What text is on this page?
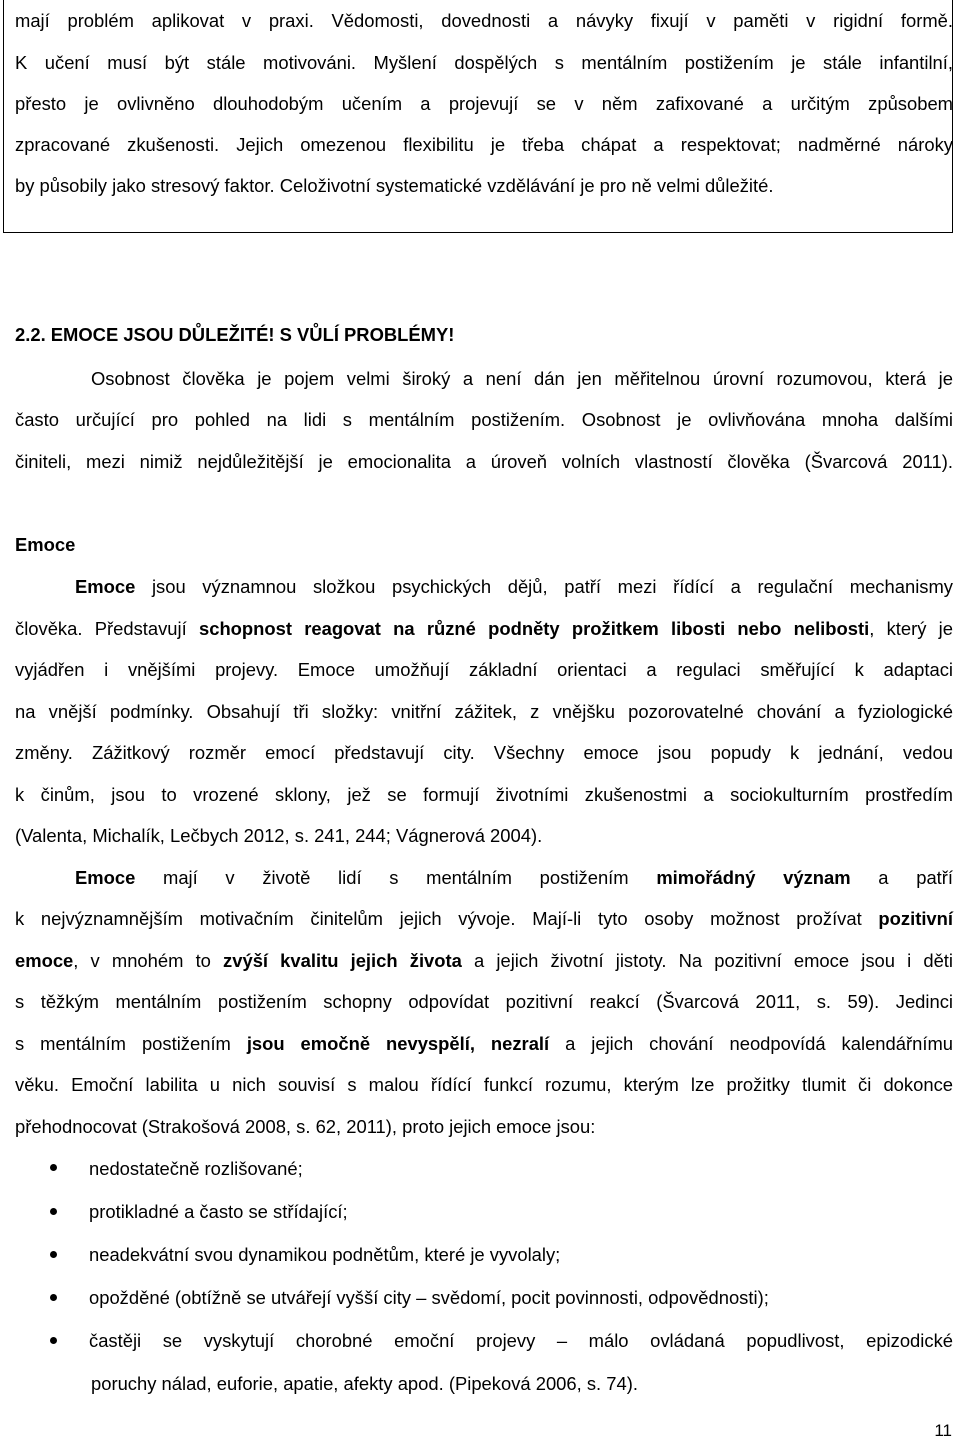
mají problém aplikovat v praxi. Vědomosti, dovednosti a návyky fixují v paměti v rigidní formě.
K učení musí být stále motivováni. Myšlení dospělých s mentálním postižením je stále infantilní,
přesto je ovlivněno dlouhodobým učením a projevují se v něm zafixované a určitým způsobem
zpracované zkušenosti. Jejich omezenou flexibilitu je třeba chápat a respektovat; nadměrné nároky
by působily jako stresový faktor. Celoživotní systematické vzdělávání je pro ně velmi důležité.
2.2. EMOCE JSOU DŮLEŽITÉ! S VŮLÍ PROBLÉMY!
Osobnost člověka je pojem velmi široký a není dán jen měřitelnou úrovní rozumovou, která je
často určující pro pohled na lidi s mentálním postižením. Osobnost je ovlivňována mnoha dalšími
činiteli, mezi nimiž nejdůležitější je emocionalita a úroveň volních vlastností člověka (Švarcová 2011).
Emoce
Emoce jsou významnou složkou psychických dějů, patří mezi řídící a regulační mechanismy
člověka. Představují schopnost reagovat na různé podněty prožitkem libosti nebo nelibosti, který je
vyjádřen i vnějšími projevy. Emoce umožňují základní orientaci a regulaci směřující k adaptaci
na vnější podmínky. Obsahují tři složky: vnitřní zážitek, z vnějšku pozorovatelné chování a fyziologické
změny. Zážitkový rozměr emocí představují city. Všechny emoce jsou popudy k jednání, vedou
k činům, jsou to vrozené sklony, jež se formují životními zkušenostmi a sociokulturním prostředím
(Valenta, Michalík, Lečbych 2012, s. 241, 244; Vágnerová 2004).
Emoce mají v životě lidí s mentálním postižením mimořádný význam a patří
k nejvýznamnějším motivačním činitelům jejich vývoje. Mají-li tyto osoby možnost prožívat pozitivní
emoce, v mnohém to zvýší kvalitu jejich života a jejich životní jistoty. Na pozitivní emoce jsou i děti
s těžkým mentálním postižením schopny odpovídat pozitivní reakcí (Švarcová 2011, s. 59). Jedinci
s mentálním postižením jsou emočně nevyspělí, nezralí a jejich chování neodpovídá kalendářnímu
věku. Emoční labilita u nich souvisí s malou řídící funkcí rozumu, kterým lze prožitky tlumit či dokonce
přehodnocovat (Strakošová 2008, s. 62, 2011), proto jejich emoce jsou:
nedostatečně rozlišované;
protikladné a často se střídající;
neadekvátní svou dynamikou podnětům, které je vyvolaly;
opožděné (obtížně se utvářejí vyšší city – svědomí, pocit povinnosti, odpovědnosti);
častěji se vyskytují chorobné emoční projevy – málo ovládaná popudlivost, epizodické
poruchy nálad, euforie, apatie, afekty apod. (Pipeková 2006, s. 74).
11
